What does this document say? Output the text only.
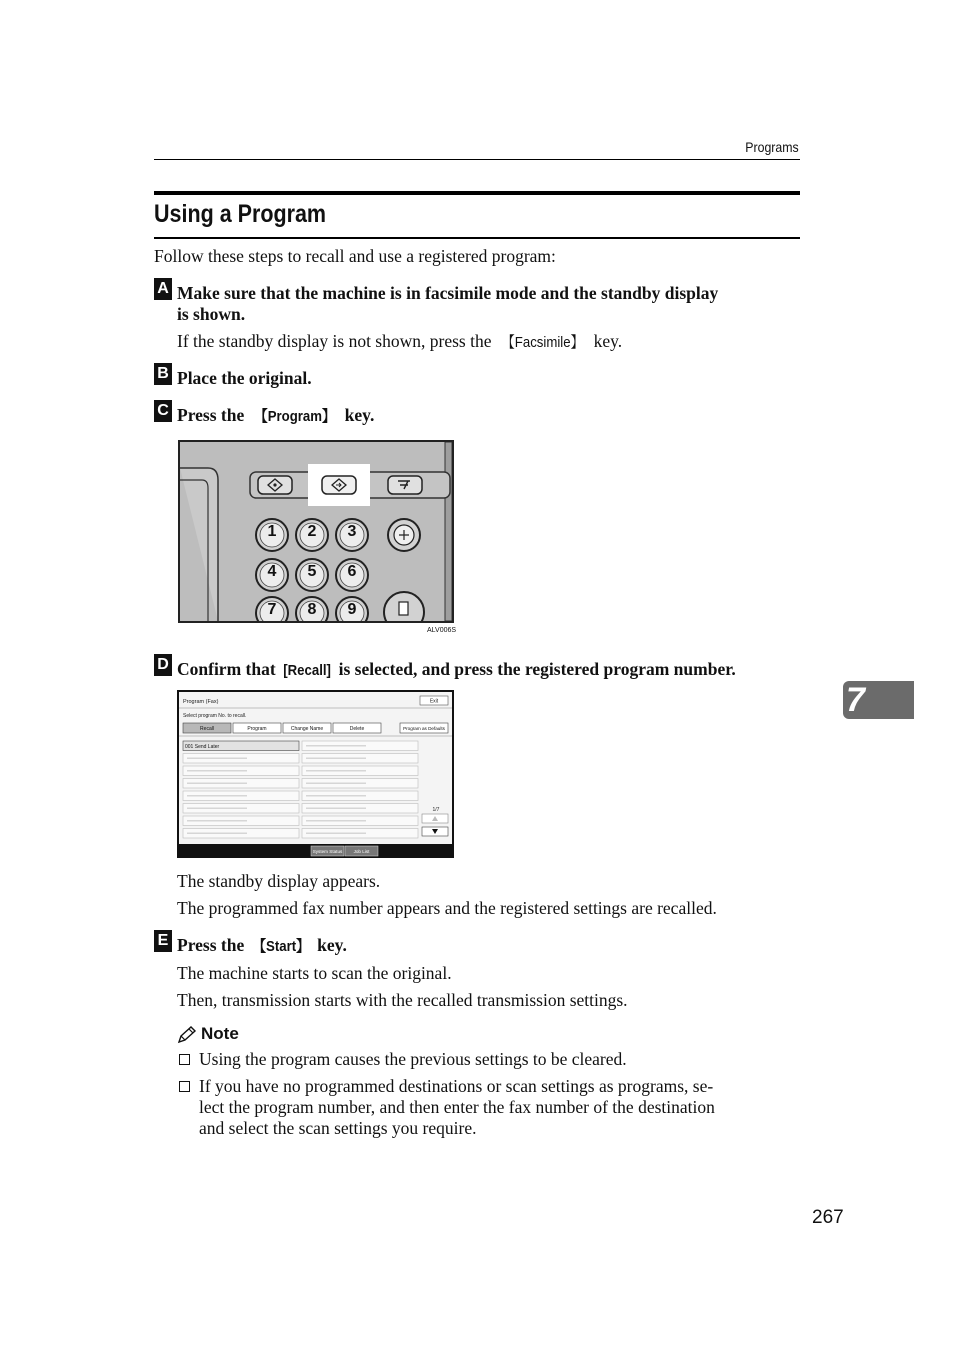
Programs
Using a Program
Follow these steps to recall and use a registered program:
A Make sure that the machine is in facsimile mode and the standby display
is shown.
If the standby display is not shown, press the 【Facsimile】 key.
B Place the original.
C Press the 【Program】 key.
1 2 3
4 5 6
7 8 9
ALV006S
D Confirm that [Recall] is selected, and press the registered program number.
Program (Fax)	Exit
Select program No. to recall.
Recall	Program	Change Name	Delete	Program as Defaults
001 Send Later
1/7
System Status Job List
The standby display appears.
The programmed fax number appears and the registered settings are recalled.
E Press the 【Start】 key.
The machine starts to scan the original.
Then, transmission starts with the recalled transmission settings.
Note
Using the program causes the previous settings to be cleared.
If you have no programmed destinations or scan settings as programs, se-
lect the program number, and then enter the fax number of the destination
and select the scan settings you require.
7
267
